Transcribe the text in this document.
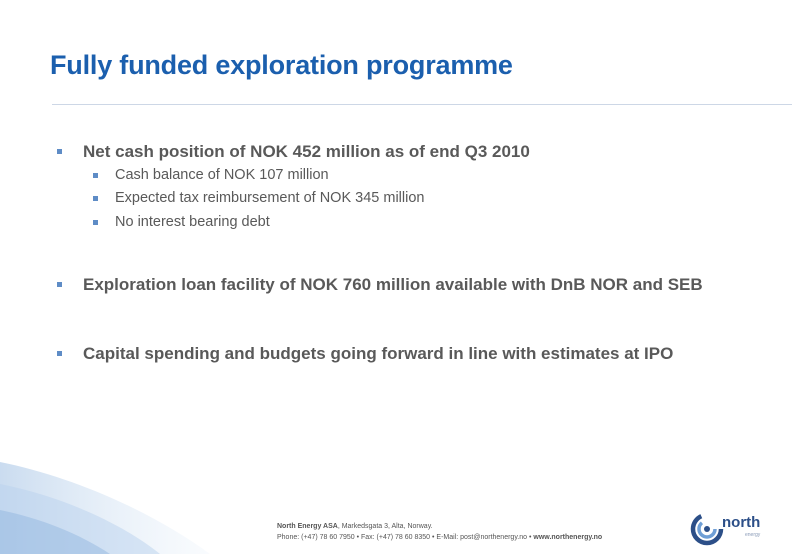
Fully funded exploration programme
Net cash position of NOK 452 million as of end Q3 2010
Cash balance of NOK 107 million
Expected tax reimbursement of NOK 345 million
No interest bearing debt
Exploration loan facility of NOK 760 million available with DnB NOR and SEB
Capital spending and budgets going forward in line with estimates at IPO
North Energy ASA, Markedsgata 3, Alta, Norway.
Phone: (+47) 78 60 7950 • Fax: (+47) 78 60 8350 • E-Mail: post@northenergy.no • www.northenergy.no
north
energy
